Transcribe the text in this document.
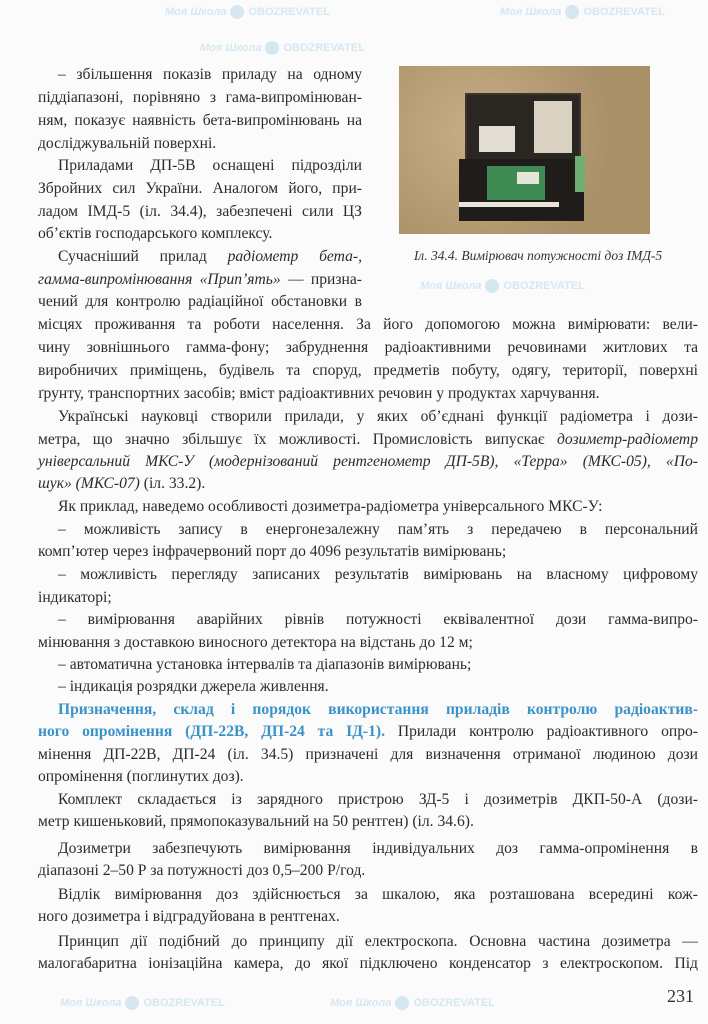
Моя Школа OBOZREVATEL	Моя Школа OBOZREVATEL
Моя Школа OBOZREVATEL
Моя Школа OBOZREVATEL
Моя Школа OBOZREVATEL	Моя Школа OBOZREVATEL
Іл. 34.4. Вимірювач потужності доз ІМД-5
– збільшення показів приладу на одному
піддіапазоні, порівняно з гама-випромінюван-
ням, показує наявність бета-випромінювань на
досліджувальній поверхні.
Приладами ДП-5В оснащені підрозділи
Збройних сил України. Аналогом його, при-
ладом ІМД-5 (іл. 34.4), забезпечені сили ЦЗ
об’єктів господарського комплексу.
Сучасніший прилад радіометр бета-,
гамма-випромінювання «Прип’ять» — призна-
чений для контролю радіаційної обстановки в
місцях проживання та роботи населення. За його допомогою можна вимірювати: вели-
чину зовнішнього гамма-фону; забруднення радіоактивними речовинами житлових та
виробничих приміщень, будівель та споруд, предметів побуту, одягу, території, поверхні
ґрунту, транспортних засобів; вміст радіоактивних речовин у продуктах харчування.
Українські науковці створили прилади, у яких об’єднані функції радіометра і дози-
метра, що значно збільшує їх можливості. Промисловість випускає дозиметр-радіометр
універсальний МКС-У (модернізований рентгенометр ДП-5В), «Терра» (МКС-05), «По-
шук» (МКС-07) (іл. 33.2).
Як приклад, наведемо особливості дозиметра-радіометра універсального МКС-У:
– можливість запису в енергонезалежну пам’ять з передачею в персональний
комп’ютер через інфрачервоний порт до 4096 результатів вимірювань;
– можливість перегляду записаних результатів вимірювань на власному цифровому
індикаторі;
– вимірювання аварійних рівнів потужності еквівалентної дози гамма-випро-
мінювання з доставкою виносного детектора на відстань до 12 м;
– автоматична установка інтервалів та діапазонів вимірювань;
– індикація розрядки джерела живлення.
Призначення, склад і порядок використання приладів контролю радіоактив-
ного опромінення (ДП-22В, ДП-24 та ІД-1). Прилади контролю радіоактивного опро-
мінення ДП-22В, ДП-24 (іл. 34.5) призначені для визначення отриманої людиною дози
опромінення (поглинутих доз).
Комплект складається із зарядного пристрою ЗД-5 і дозиметрів ДКП-50-А (дози-
метр кишеньковий, прямопоказувальний на 50 рентген) (іл. 34.6).
Дозиметри забезпечують вимірювання індивідуальних доз гамма-опромінення в
діапазоні 2–50 Р за потужності доз 0,5–200 Р/год.
Відлік вимірювання доз здійснюється за шкалою, яка розташована всередині кож-
ного дозиметра і відградуйована в рентгенах.
Принцип дії подібний до принципу дії електроскопа. Основна частина дозиметра —
малогабаритна іонізаційна камера, до якої підключено конденсатор з електроскопом. Під
231
